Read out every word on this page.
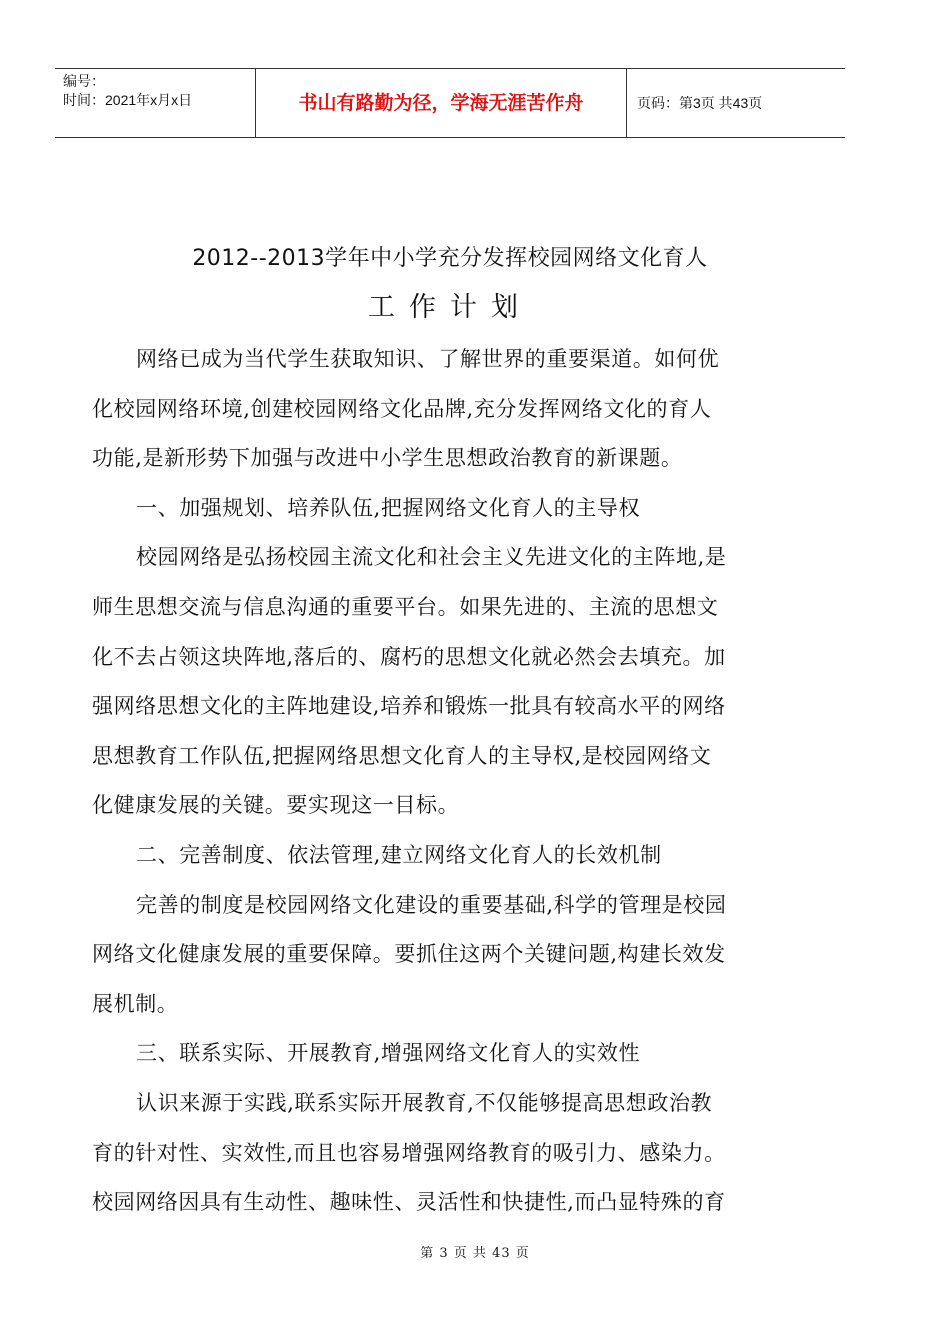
编号：
时间：2021年x月x日	书山有路勤为径，学海无涯苦作舟	页码：第3页 共43页
2012--2013学年中小学充分发挥校园网络文化育人
工作计划
网络已成为当代学生获取知识、了解世界的重要渠道。如何优
化校园网络环境,创建校园网络文化品牌,充分发挥网络文化的育人
功能,是新形势下加强与改进中小学生思想政治教育的新课题。
一、加强规划、培养队伍,把握网络文化育人的主导权
校园网络是弘扬校园主流文化和社会主义先进文化的主阵地,是
师生思想交流与信息沟通的重要平台。如果先进的、主流的思想文
化不去占领这块阵地,落后的、腐朽的思想文化就必然会去填充。加
强网络思想文化的主阵地建设,培养和锻炼一批具有较高水平的网络
思想教育工作队伍,把握网络思想文化育人的主导权,是校园网络文
化健康发展的关键。要实现这一目标。
二、完善制度、依法管理,建立网络文化育人的长效机制
完善的制度是校园网络文化建设的重要基础,科学的管理是校园
网络文化健康发展的重要保障。要抓住这两个关键问题,构建长效发
展机制。
三、联系实际、开展教育,增强网络文化育人的实效性
认识来源于实践,联系实际开展教育,不仅能够提高思想政治教
育的针对性、实效性,而且也容易增强网络教育的吸引力、感染力。
校园网络因具有生动性、趣味性、灵活性和快捷性,而凸显特殊的育
第 3 页 共 43 页
